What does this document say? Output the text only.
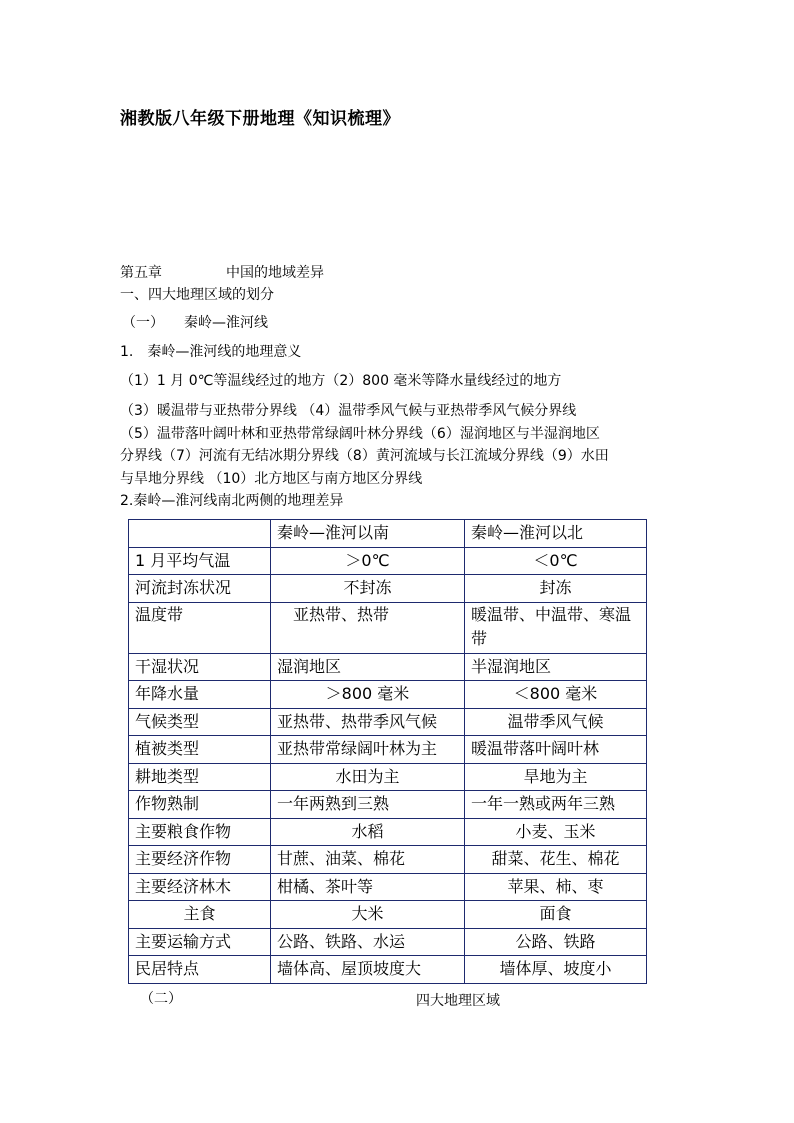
湘教版八年级下册地理《知识梳理》
第五章	中国的地域差异
一、四大地理区域的划分
（一） 秦岭—淮河线
1.　秦岭—淮河线的地理意义
（1）1 月 0℃等温线经过的地方（2）800 毫米等降水量线经过的地方
（3）暖温带与亚热带分界线 （4）温带季风气候与亚热带季风气候分界线
（5）温带落叶阔叶林和亚热带常绿阔叶林分界线（6）湿润地区与半湿润地区
分界线（7）河流有无结冰期分界线（8）黄河流域与长江流域分界线（9）水田
与旱地分界线 （10）北方地区与南方地区分界线
2.秦岭—淮河线南北两侧的地理差异
	秦岭—淮河以南	秦岭—淮河以北
1 月平均气温	＞0℃	＜0℃
河流封冻状况	不封冻	封冻
温度带	亚热带、热带	暖温带、中温带、寒温带
干湿状况	湿润地区	半湿润地区
年降水量	＞800 毫米	＜800 毫米
气候类型	亚热带、热带季风气候	温带季风气候
植被类型	亚热带常绿阔叶林为主	暖温带落叶阔叶林
耕地类型	水田为主	旱地为主
作物熟制	一年两熟到三熟	一年一熟或两年三熟
主要粮食作物	水稻	小麦、玉米
主要经济作物	甘蔗、油菜、棉花	甜菜、花生、棉花
主要经济林木	柑橘、茶叶等	苹果、柿、枣
主食	大米	面食
主要运输方式	公路、铁路、水运	公路、铁路
民居特点	墙体高、屋顶坡度大	墙体厚、坡度小
（二）	四大地理区域
